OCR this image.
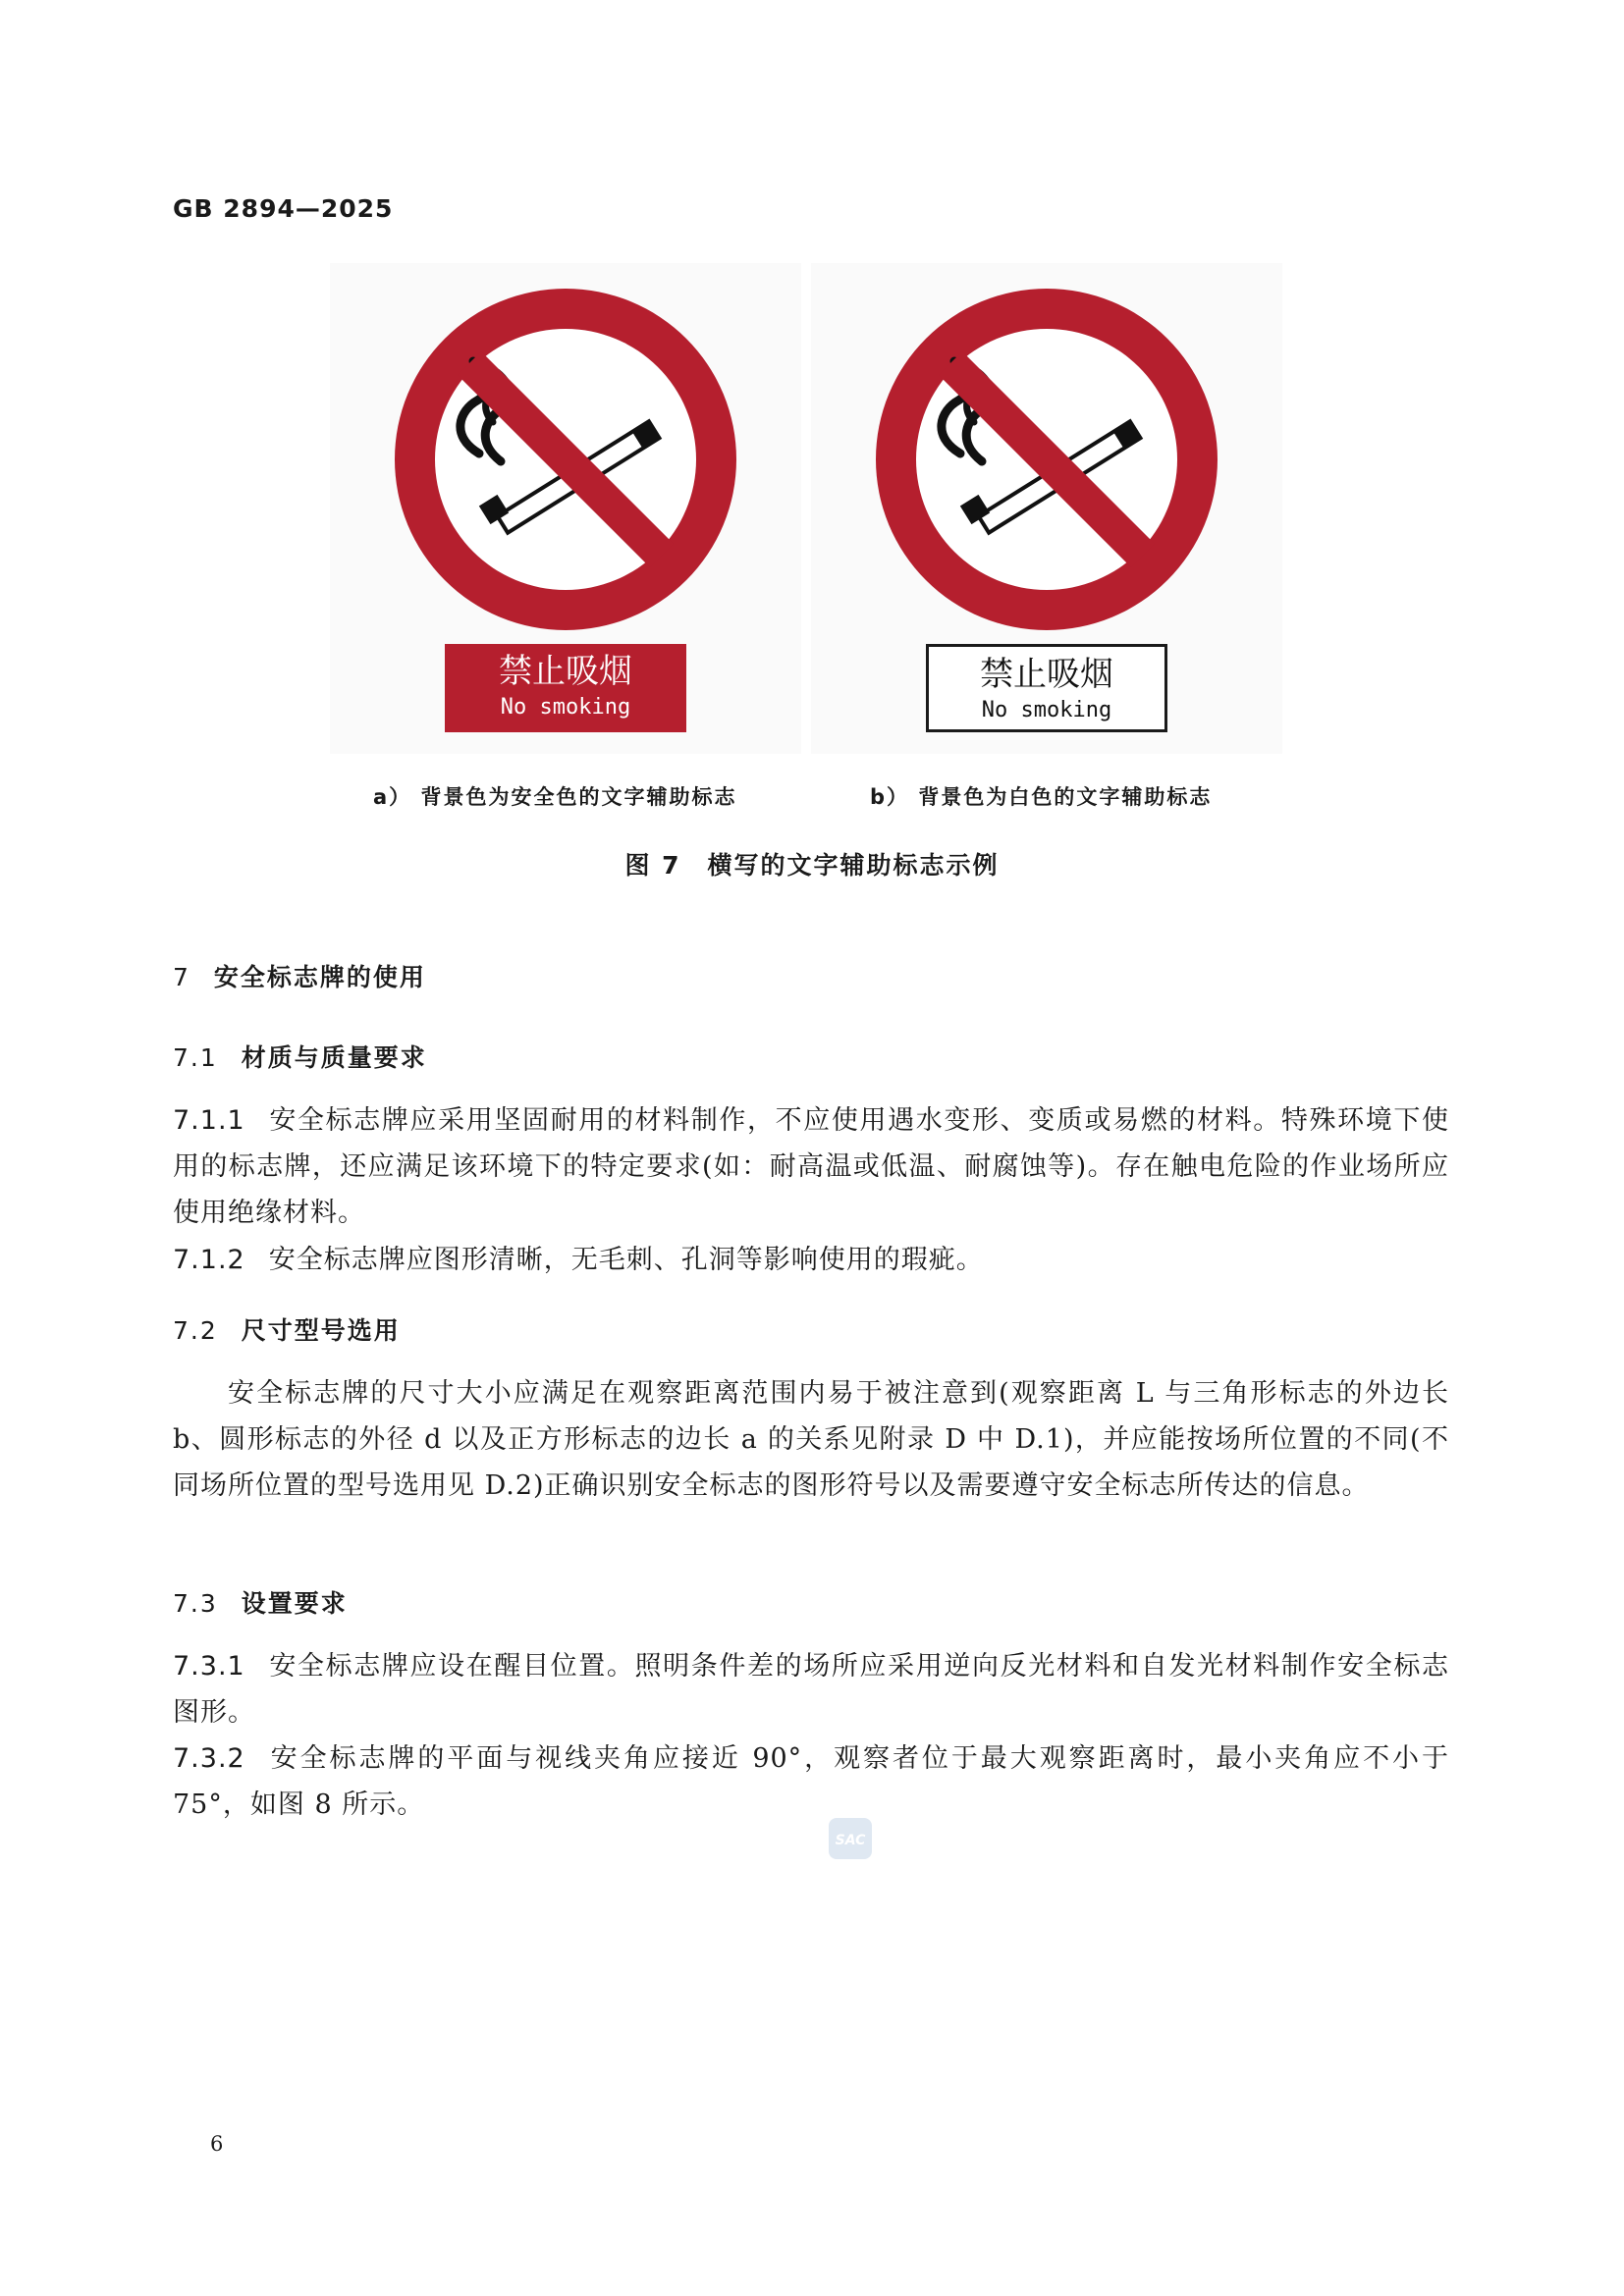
GB 2894—2025
禁止吸烟
No smoking
禁止吸烟
No smoking
a） 背景色为安全色的文字辅助标志	b） 背景色为白色的文字辅助标志
图 7　横写的文字辅助标志示例
7 安全标志牌的使用
7.1 材质与质量要求
7.1.1 安全标志牌应采用坚固耐用的材料制作，不应使用遇水变形、变质或易燃的材料。特殊环境下使用的标志牌，还应满足该环境下的特定要求(如：耐高温或低温、耐腐蚀等)。存在触电危险的作业场所应使用绝缘材料。
7.1.2 安全标志牌应图形清晰，无毛刺、孔洞等影响使用的瑕疵。
7.2 尺寸型号选用
安全标志牌的尺寸大小应满足在观察距离范围内易于被注意到(观察距离 L 与三角形标志的外边长 b、圆形标志的外径 d 以及正方形标志的边长 a 的关系见附录 D 中 D.1)，并应能按场所位置的不同(不同场所位置的型号选用见 D.2)正确识别安全标志的图形符号以及需要遵守安全标志所传达的信息。
7.3 设置要求
7.3.1 安全标志牌应设在醒目位置。照明条件差的场所应采用逆向反光材料和自发光材料制作安全标志图形。
7.3.2 安全标志牌的平面与视线夹角应接近 90°，观察者位于最大观察距离时，最小夹角应不小于 75°，如图 8 所示。
SAC
6
